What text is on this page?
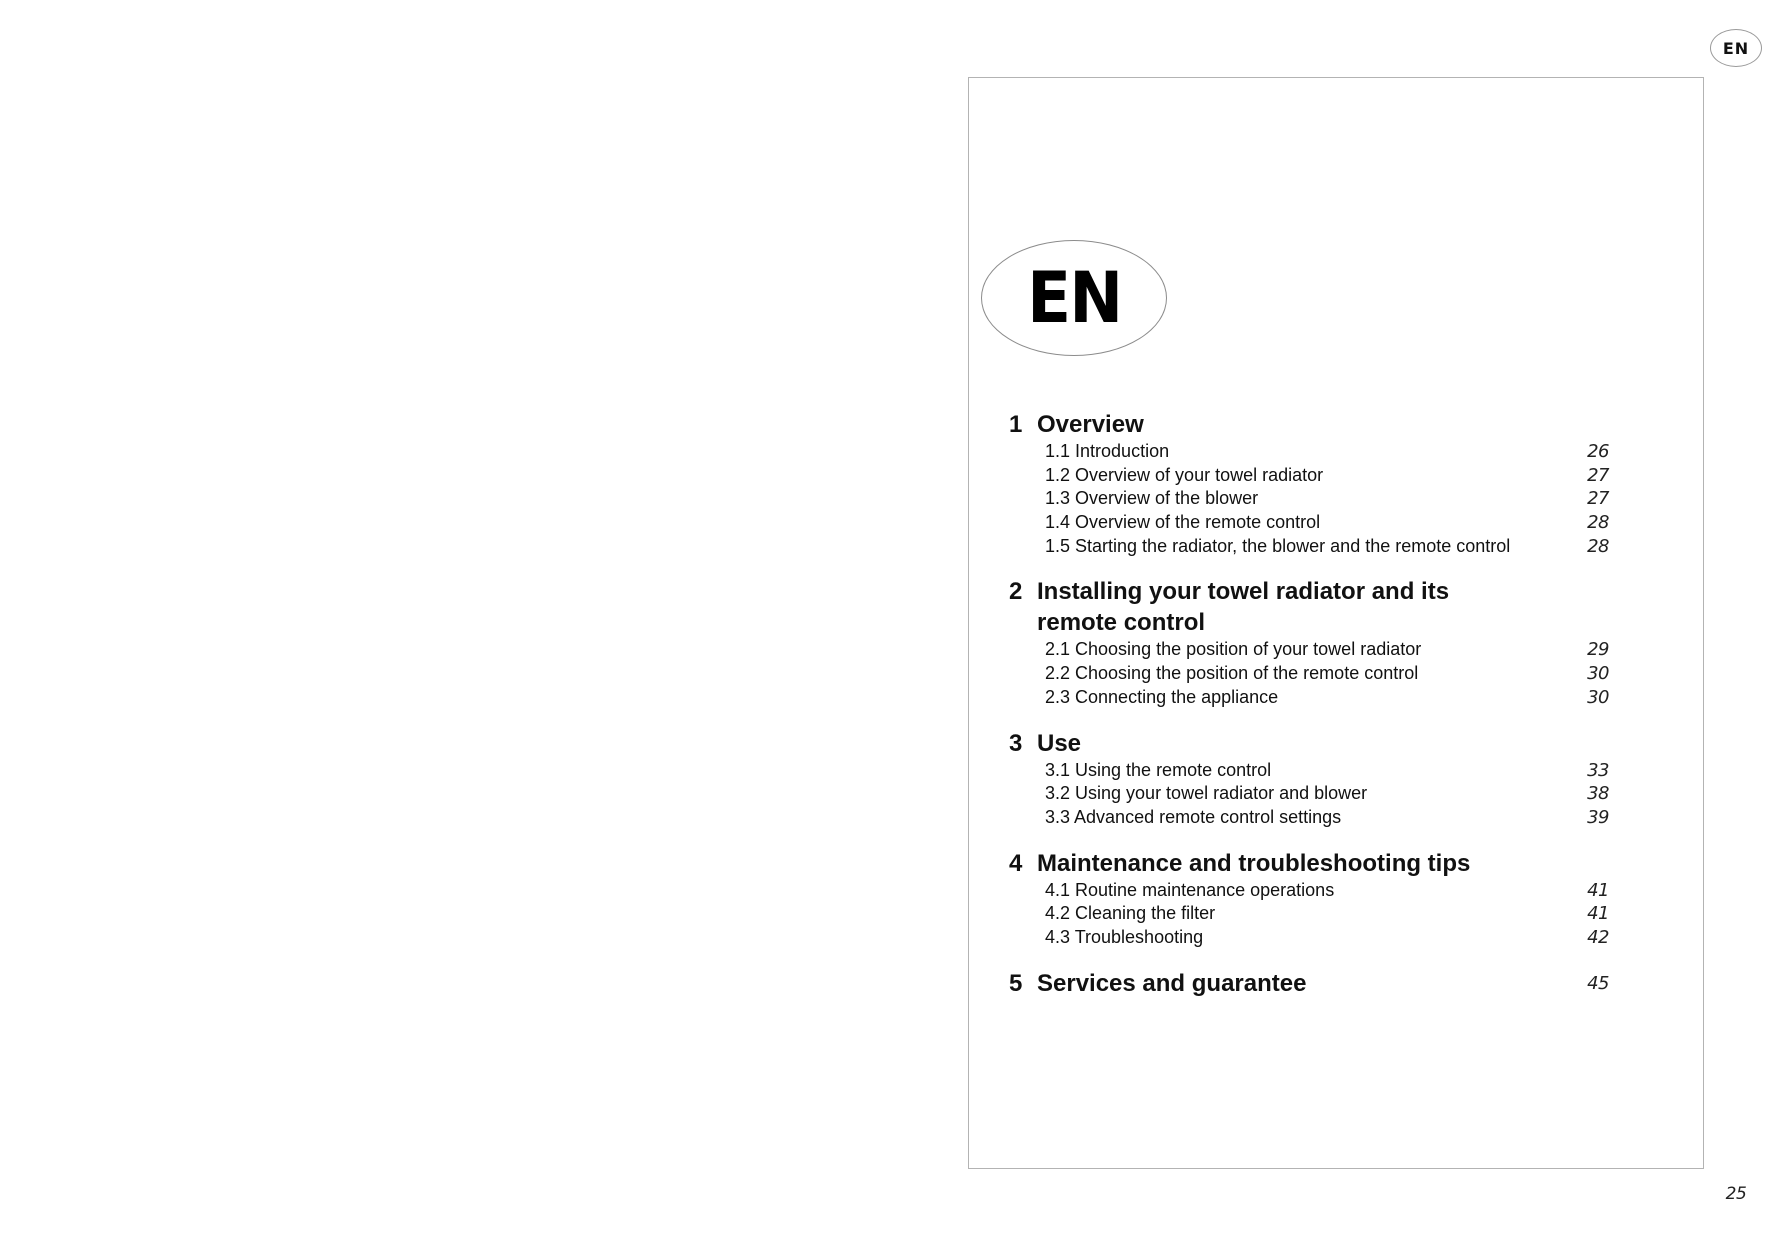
EN
EN
1 Overview
1.1 Introduction	26
1.2 Overview of your towel radiator	27
1.3 Overview of the blower	27
1.4 Overview of the remote control	28
1.5 Starting the radiator, the blower and the remote control	28
2 Installing your towel radiator and its remote control
2.1 Choosing the position of your towel radiator	29
2.2 Choosing the position of the remote control	30
2.3 Connecting the appliance	30
3 Use
3.1 Using the remote control	33
3.2 Using your towel radiator and blower	38
3.3 Advanced remote control settings	39
4 Maintenance and troubleshooting tips
4.1 Routine maintenance operations	41
4.2 Cleaning the filter	41
4.3 Troubleshooting	42
5 Services and guarantee	45
25
